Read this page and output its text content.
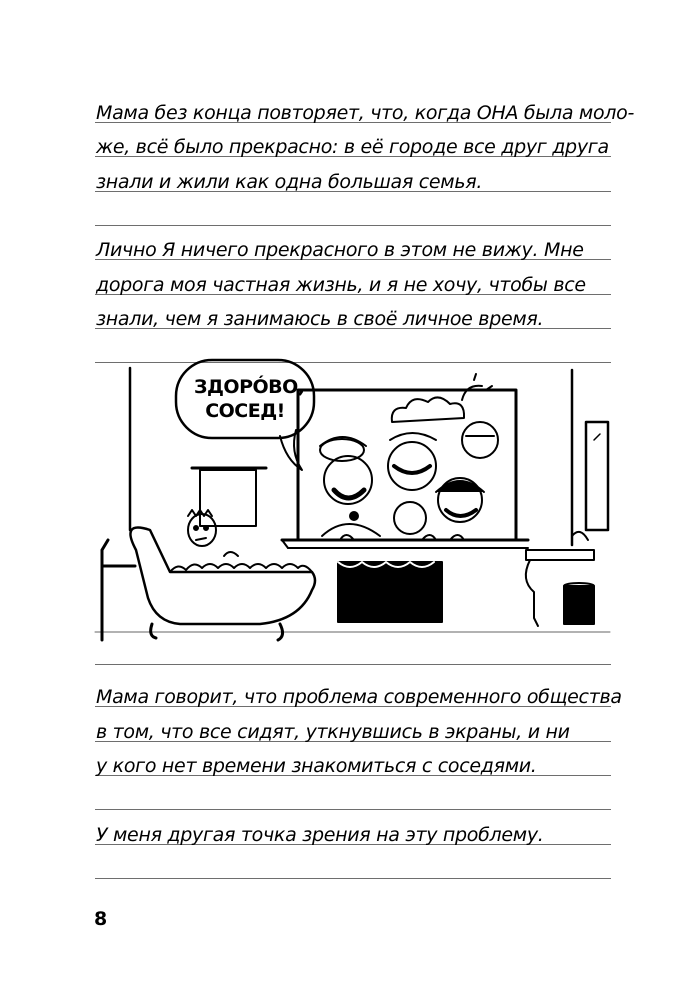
Мама без конца повторяет, что, когда ОНА была моло-
же, всё было прекрасно: в её городе все друг друга
знали и жили как одна большая семья.
Лично Я ничего прекрасного в этом не вижу. Мне
дорога моя частная жизнь, и я не хочу, чтобы все
знали, чем я занимаюсь в своё личное время.
Мама говорит, что проблема современного общества
в том, что все сидят, уткнувшись в экраны, и ни
у кого нет времени знакомиться с соседями.
У меня другая точка зрения на эту проблему.
ЗДОРÓВО,
СОСЕД!
8
